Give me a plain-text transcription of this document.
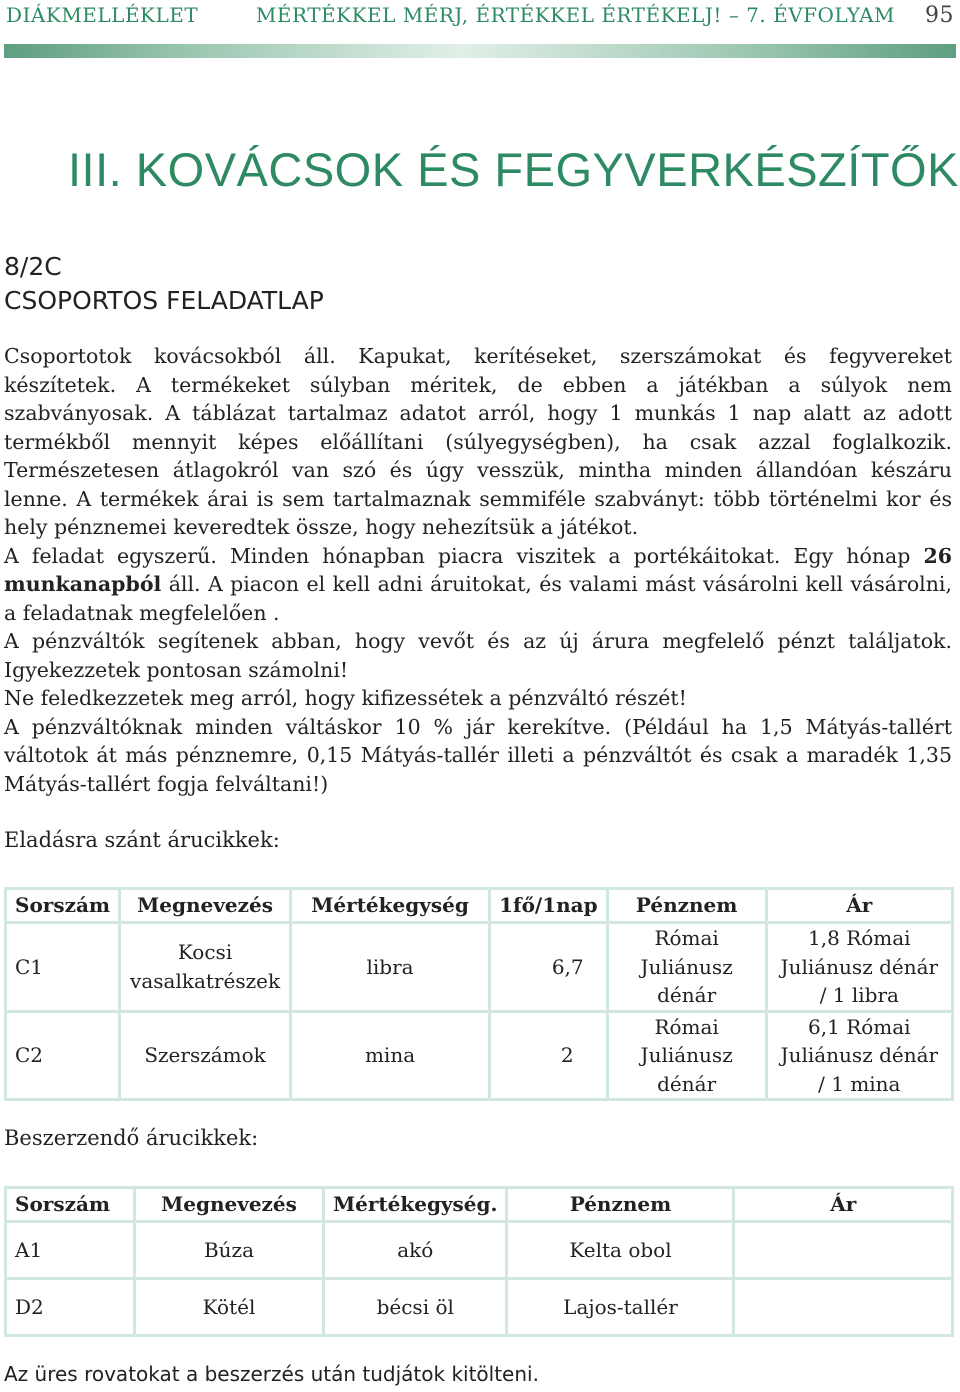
DIÁKMELLÉKLET	MÉRTÉKKEL MÉRJ, ÉRTÉKKEL ÉRTÉKELJ! – 7. ÉVFOLYAM	95
III. KOVÁCSOK ÉS FEGYVERKÉSZÍTŐK
8/2C
CSOPORTOS FELADATLAP

Csoportotok kovácsokból áll. Kapukat, kerítéseket, szerszámokat és fegyvereket készítetek. A termékeket súlyban méritek, de ebben a játékban a súlyok nem szabványosak. A táblázat tartalmaz adatot arról, hogy 1 munkás 1 nap alatt az adott termékből mennyit képes előállítani (súlyegységben), ha csak azzal foglalkozik. Természetesen átlagokról van szó és úgy vesszük, mintha minden állandóan készáru lenne. A termékek árai is sem tartalmaznak semmiféle szabványt: több történelmi kor és hely pénznemei keveredtek össze, hogy nehezítsük a játékot.

A feladat egyszerű. Minden hónapban piacra viszitek a portékáitokat. Egy hónap 26 munkanapból áll. A piacon el kell adni áruitokat, és valami mást vásárolni kell vásárolni, a feladatnak megfelelően .

A pénzváltók segítenek abban, hogy vevőt és az új árura megfelelő pénzt találjatok. Igyekezzetek pontosan számolni!

Ne feledkezzetek meg arról, hogy kifizessétek a pénzváltó részét!

A pénzváltóknak minden váltáskor 10 % jár kerekítve. (Például ha 1,5 Mátyás-tallért váltotok át más pénznemre, 0,15 Mátyás-tallér illeti a pénzváltót és csak a maradék 1,35 Mátyás-tallért fogja felváltani!)

Eladásra szánt árucikkek:
Sorszám	Megnevezés	Mértékegység	1fő/1nap	Pénznem	Ár
C1	Kocsi vasalkatrészek	libra	6,7	Római Juliánusz dénár	1,8 Római Juliánusz dénár / 1 libra
C2	Szerszámok	mina	2	Római Juliánusz dénár	6,1 Római Juliánusz dénár / 1 mina
Beszerzendő árucikkek:
Sorszám	Megnevezés	Mértékegység.	Pénznem	Ár
A1	Búza	akó	Kelta obol	
D2	Kötél	bécsi öl	Lajos-tallér	
Az üres rovatokat a beszerzés után tudjátok kitölteni.
